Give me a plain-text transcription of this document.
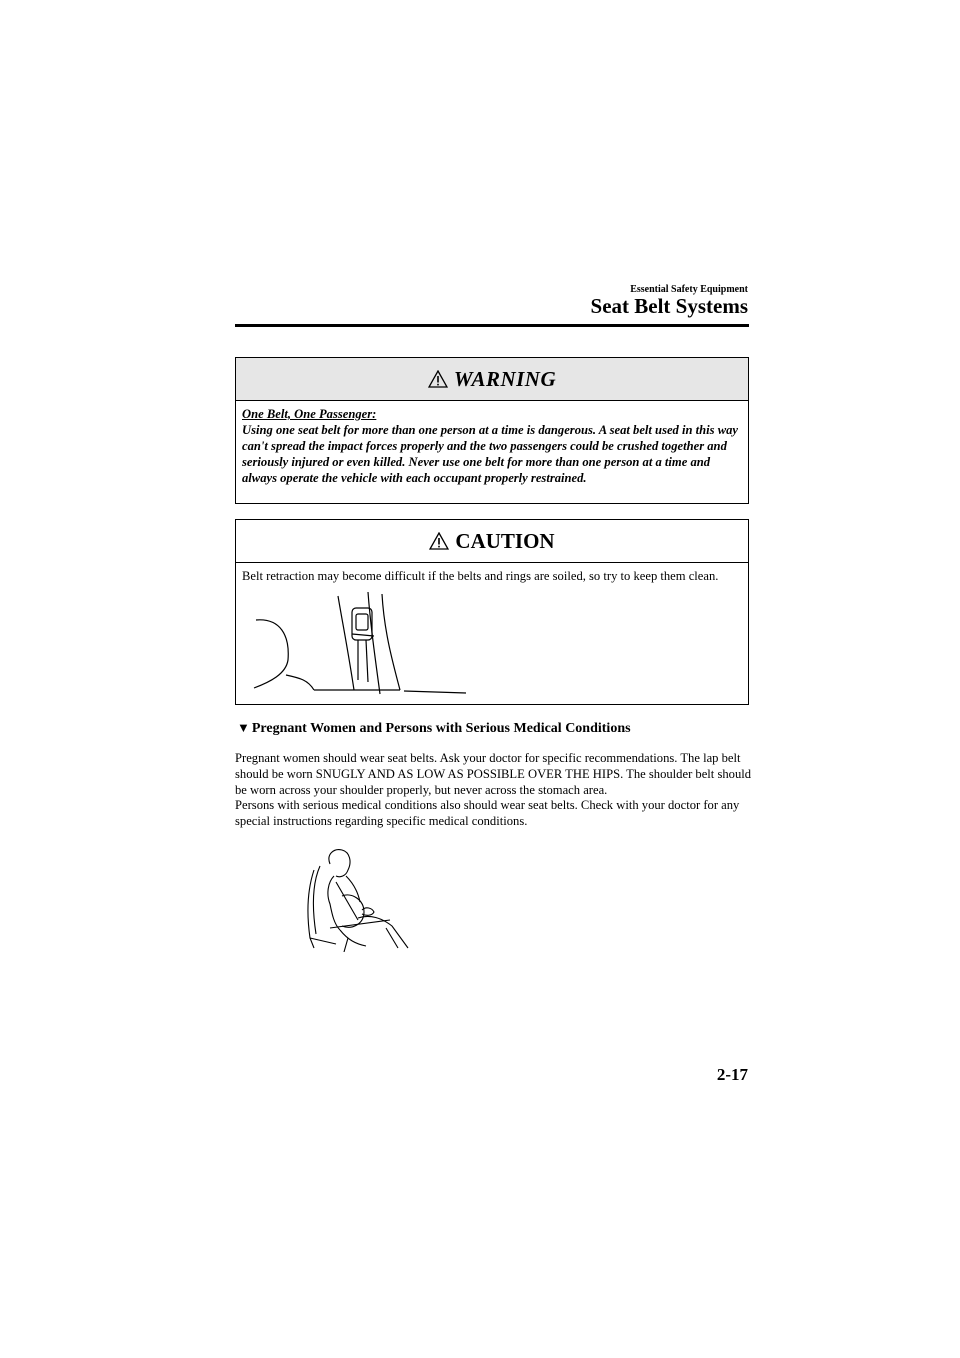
Essential Safety Equipment
Seat Belt Systems
WARNING
One Belt, One Passenger:
Using one seat belt for more than one person at a time is dangerous. A seat belt used in this way can't spread the impact forces properly and the two passengers could be crushed together and seriously injured or even killed. Never use one belt for more than one person at a time and always operate the vehicle with each occupant properly restrained.
CAUTION
Belt retraction may become difficult if the belts and rings are soiled, so try to keep them clean.
▼ Pregnant Women and Persons with Serious Medical Conditions

Pregnant women should wear seat belts. Ask your doctor for specific recommendations. The lap belt should be worn SNUGLY AND AS LOW AS POSSIBLE OVER THE HIPS. The shoulder belt should be worn across your shoulder properly, but never across the stomach area.

Persons with serious medical conditions also should wear seat belts. Check with your doctor for any special instructions regarding specific medical conditions.

2-17
